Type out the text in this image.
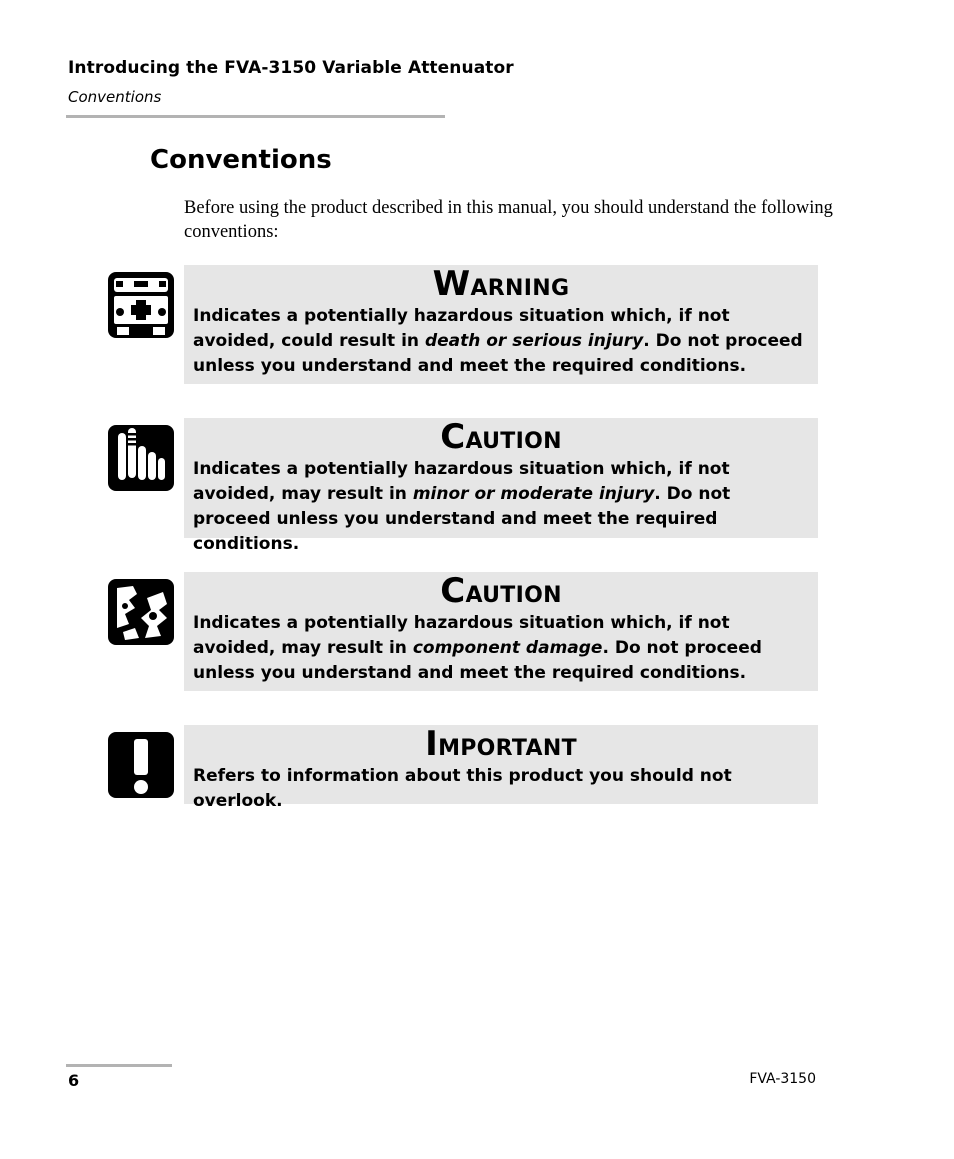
Introducing the FVA-3150 Variable Attenuator
Conventions
Conventions
Before using the product described in this manual, you should understand the following conventions:
Warning
Indicates a potentially hazardous situation which, if not avoided, could result in death or serious injury. Do not proceed unless you understand and meet the required conditions.
Caution
Indicates a potentially hazardous situation which, if not avoided, may result in minor or moderate injury. Do not proceed unless you understand and meet the required conditions.
Caution
Indicates a potentially hazardous situation which, if not avoided, may result in component damage. Do not proceed unless you understand and meet the required conditions.
Important
Refers to information about this product you should not overlook.
6	FVA-3150
